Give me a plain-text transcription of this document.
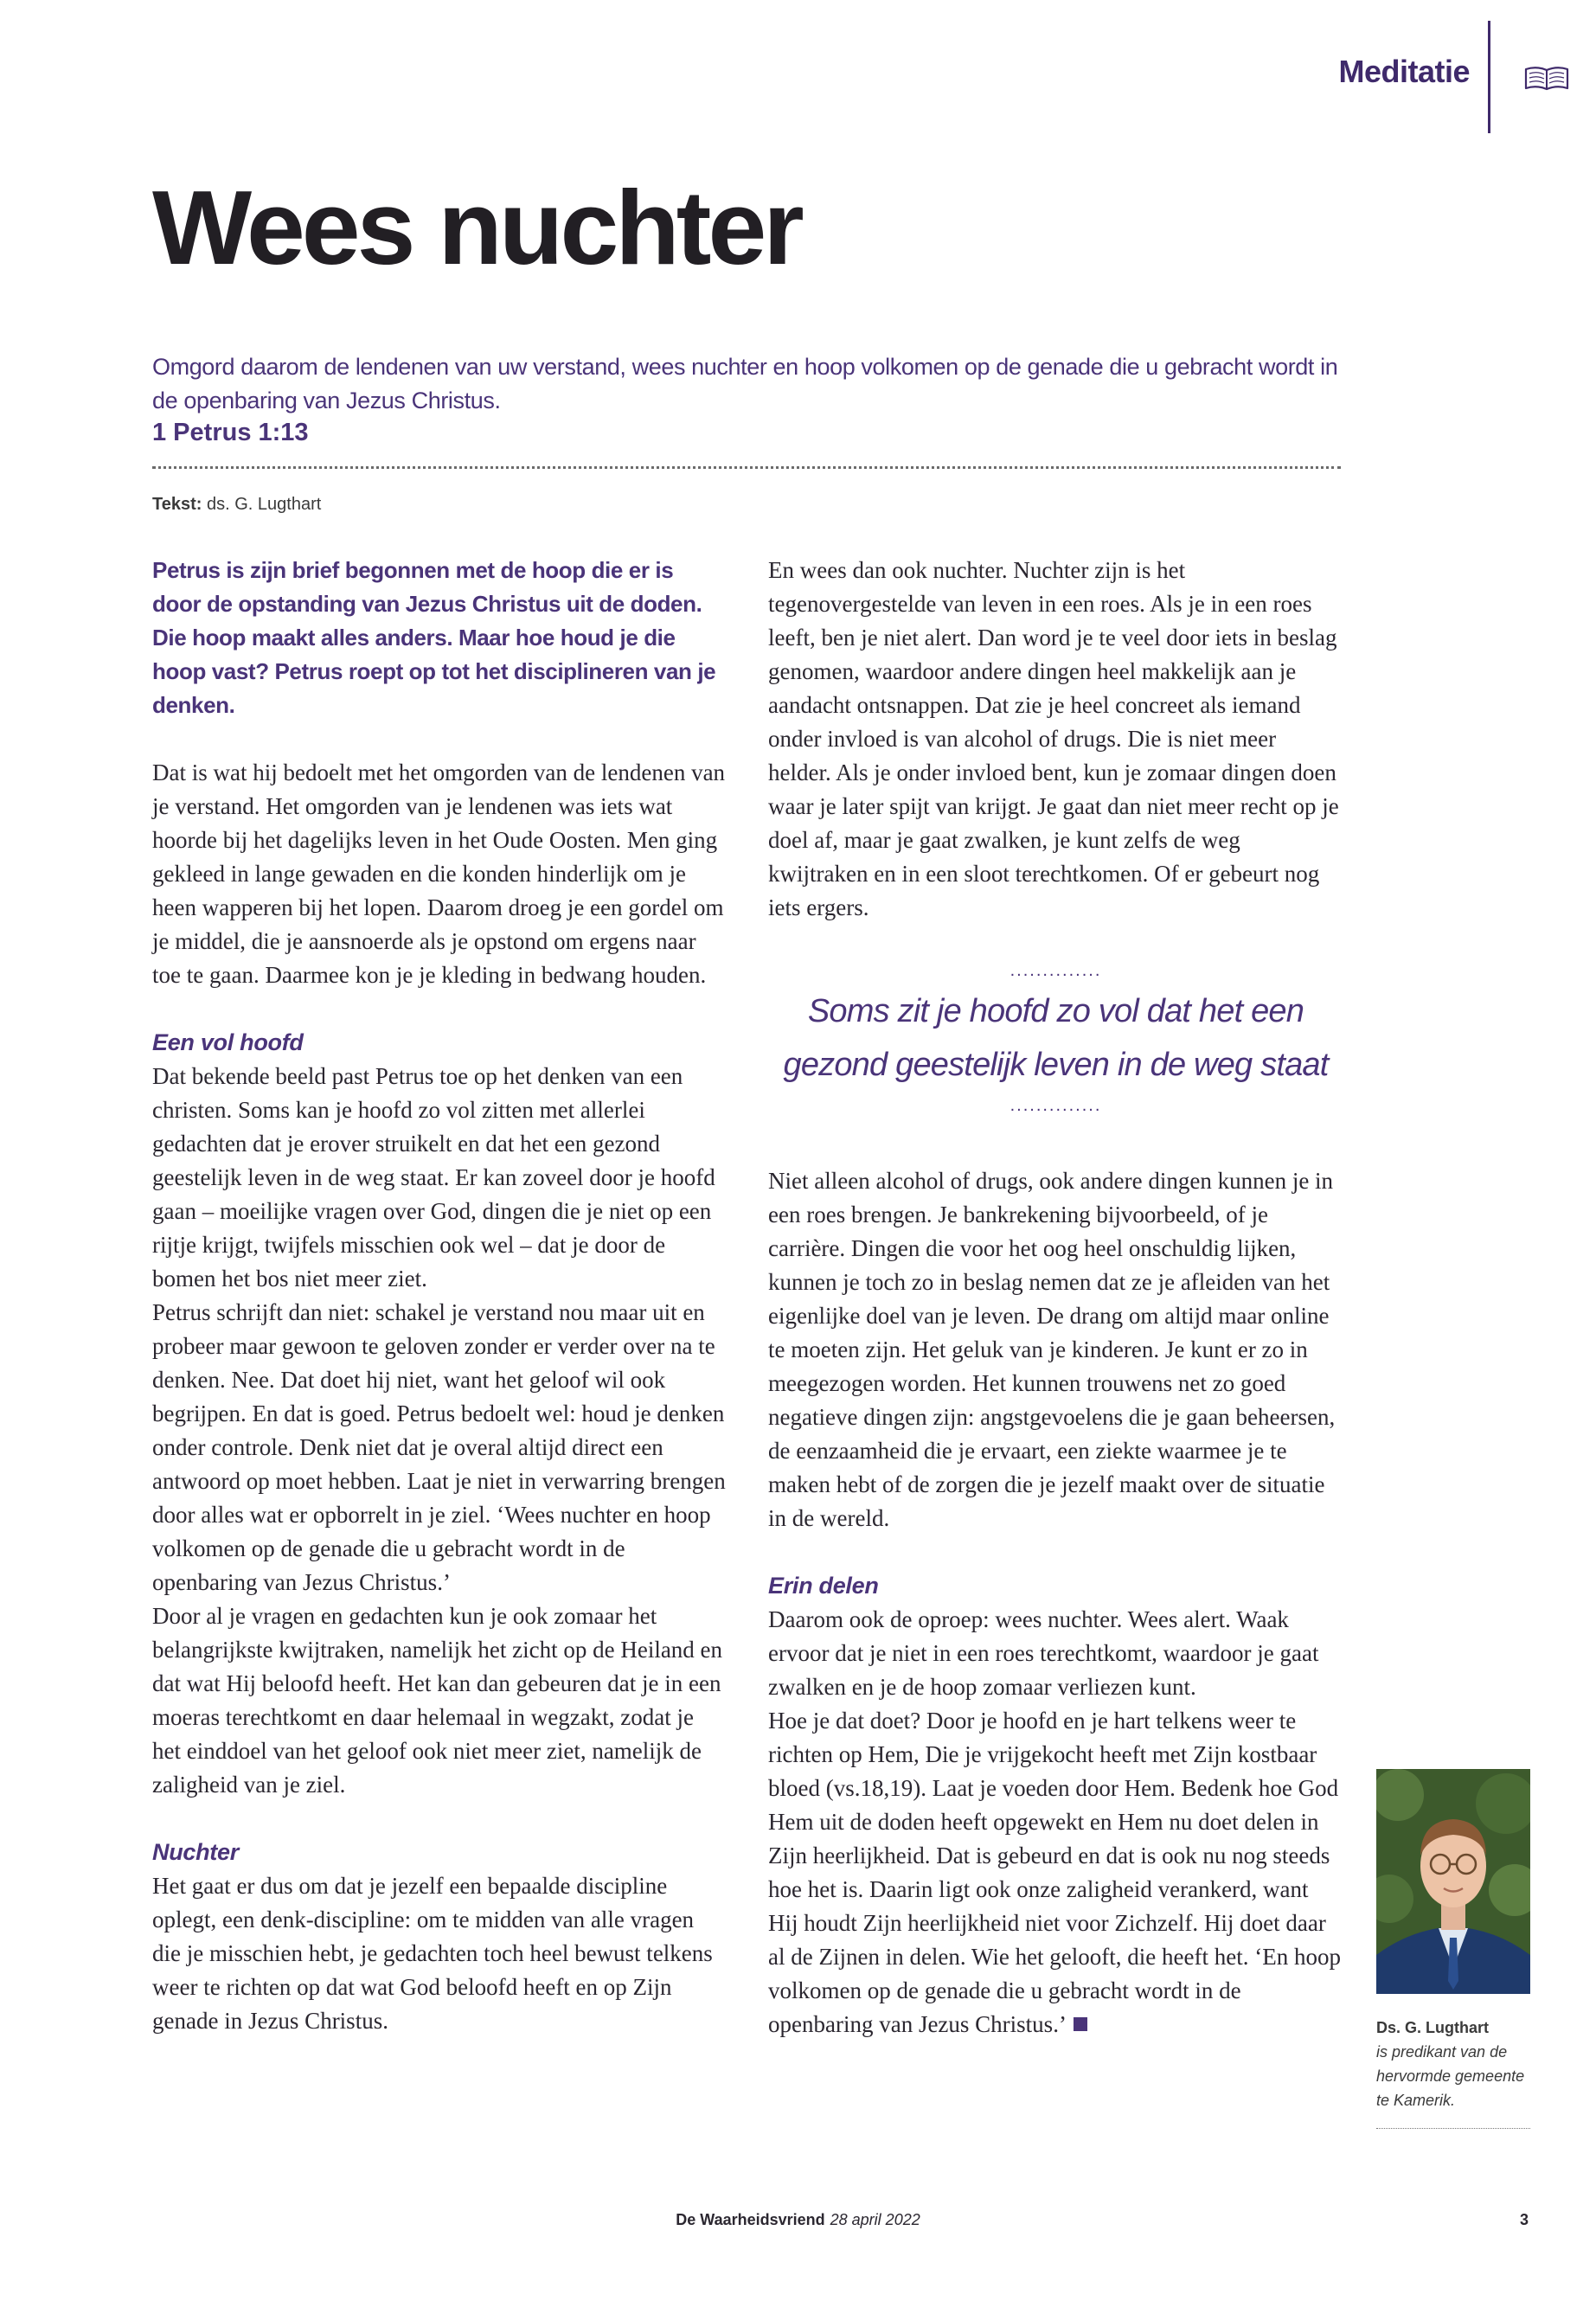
Meditatie
Wees nuchter
Omgord daarom de lendenen van uw verstand, wees nuchter en hoop volkomen op de genade die u gebracht wordt in de openbaring van Jezus Christus.
1 Petrus 1:13
Tekst: ds. G. Lugthart

Petrus is zijn brief begonnen met de hoop die er is door de opstanding van Jezus Christus uit de doden. Die hoop maakt alles anders. Maar hoe houd je die hoop vast? Petrus roept op tot het disciplineren van je denken.

Dat is wat hij bedoelt met het omgorden van de lendenen van je verstand. Het omgorden van je lendenen was iets wat hoorde bij het dagelijks leven in het Oude Oosten. Men ging gekleed in lange gewaden en die konden hinderlijk om je heen wapperen bij het lopen. Daarom droeg je een gordel om je middel, die je aansnoerde als je opstond om ergens naar toe te gaan. Daarmee kon je je kleding in bedwang houden.

Een vol hoofd

Dat bekende beeld past Petrus toe op het denken van een christen. Soms kan je hoofd zo vol zitten met allerlei gedachten dat je erover struikelt en dat het een gezond geestelijk leven in de weg staat. Er kan zoveel door je hoofd gaan – moeilijke vragen over God, dingen die je niet op een rijtje krijgt, twijfels misschien ook wel – dat je door de bomen het bos niet meer ziet.

Petrus schrijft dan niet: schakel je verstand nou maar uit en probeer maar gewoon te geloven zonder er verder over na te denken. Nee. Dat doet hij niet, want het geloof wil ook begrijpen. En dat is goed. Petrus bedoelt wel: houd je denken onder controle. Denk niet dat je overal altijd direct een antwoord op moet hebben. Laat je niet in verwarring brengen door alles wat er opborrelt in je ziel. ‘Wees nuchter en hoop volkomen op de genade die u gebracht wordt in de openbaring van Jezus Christus.’

Door al je vragen en gedachten kun je ook zomaar het belangrijkste kwijtraken, namelijk het zicht op de Heiland en dat wat Hij beloofd heeft. Het kan dan gebeuren dat je in een moeras terechtkomt en daar helemaal in wegzakt, zodat je het einddoel van het geloof ook niet meer ziet, namelijk de zaligheid van je ziel.

Nuchter

Het gaat er dus om dat je jezelf een bepaalde discipline oplegt, een denk-discipline: om te midden van alle vragen die je misschien hebt, je gedachten toch heel bewust telkens weer te richten op dat wat God beloofd heeft en op Zijn genade in Jezus Christus.

En wees dan ook nuchter. Nuchter zijn is het tegenovergestelde van leven in een roes. Als je in een roes leeft, ben je niet alert. Dan word je te veel door iets in beslag genomen, waardoor andere dingen heel makkelijk aan je aandacht ontsnappen. Dat zie je heel concreet als iemand onder invloed is van alcohol of drugs. Die is niet meer helder. Als je onder invloed bent, kun je zomaar dingen doen waar je later spijt van krijgt. Je gaat dan niet meer recht op je doel af, maar je gaat zwalken, je kunt zelfs de weg kwijtraken en in een sloot terechtkomen. Of er gebeurt nog iets ergers.

..............
Soms zit je hoofd zo vol dat het een
gezond geestelijk leven in de weg staat
..............

Niet alleen alcohol of drugs, ook andere dingen kunnen je in een roes brengen. Je bankrekening bijvoorbeeld, of je carrière. Dingen die voor het oog heel onschuldig lijken, kunnen je toch zo in beslag nemen dat ze je afleiden van het eigenlijke doel van je leven. De drang om altijd maar online te moeten zijn. Het geluk van je kinderen. Je kunt er zo in meegezogen worden. Het kunnen trouwens net zo goed negatieve dingen zijn: angstgevoelens die je gaan beheersen, de eenzaamheid die je ervaart, een ziekte waarmee je te maken hebt of de zorgen die je jezelf maakt over de situatie in de wereld.

Erin delen

Daarom ook de oproep: wees nuchter. Wees alert. Waak ervoor dat je niet in een roes terechtkomt, waardoor je gaat zwalken en je de hoop zomaar verliezen kunt.

Hoe je dat doet? Door je hoofd en je hart telkens weer te richten op Hem, Die je vrijgekocht heeft met Zijn kostbaar bloed (vs.18,19). Laat je voeden door Hem. Bedenk hoe God Hem uit de doden heeft opgewekt en Hem nu doet delen in Zijn heerlijkheid. Dat is gebeurd en dat is ook nu nog steeds hoe het is. Daarin ligt ook onze zaligheid verankerd, want Hij houdt Zijn heerlijkheid niet voor Zichzelf. Hij doet daar al de Zijnen in delen. Wie het gelooft, die heeft het. ‘En hoop volkomen op de genade die u gebracht wordt in de openbaring van Jezus Christus.’	Ds. G. Lugthart
is predikant van de
hervormde gemeente
te Kamerik.
De Waarheidsvriend 28 april 2022	3
